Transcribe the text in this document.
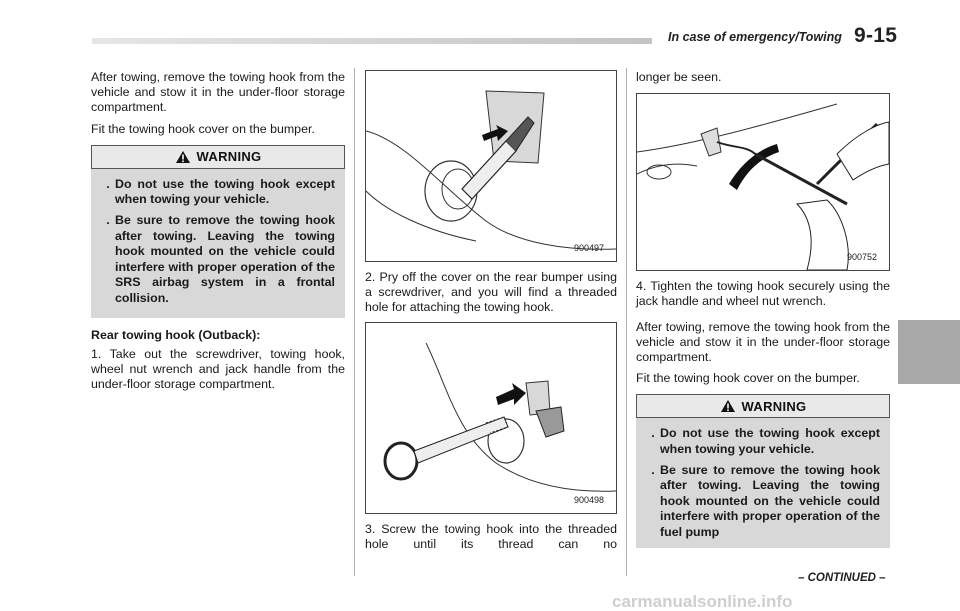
In case of emergency/Towing 9-15

After towing, remove the towing hook from the vehicle and stow it in the under-floor storage compartment.

Fit the towing hook cover on the bumper.

WARNING
. Do not use the towing hook except when towing your vehicle.
. Be sure to remove the towing hook after towing. Leaving the towing hook mounted on the vehicle could interfere with proper operation of the SRS airbag system in a frontal collision.
Rear towing hook (Outback):

1. Take out the screwdriver, towing hook, wheel nut wrench and jack handle from the under-floor storage compartment.

900497

2. Pry off the cover on the rear bumper using a screwdriver, and you will find a threaded hole for attaching the towing hook.

900498

3. Screw the towing hook into the threaded hole until its thread can no

longer be seen.

900752

4. Tighten the towing hook securely using the jack handle and wheel nut wrench.

After towing, remove the towing hook from the vehicle and stow it in the under-floor storage compartment.

Fit the towing hook cover on the bumper.

WARNING
. Do not use the towing hook except when towing your vehicle.
. Be sure to remove the towing hook after towing. Leaving the towing hook mounted on the vehicle could interfere with proper operation of the fuel pump
– CONTINUED –
carmanualsonline.info
